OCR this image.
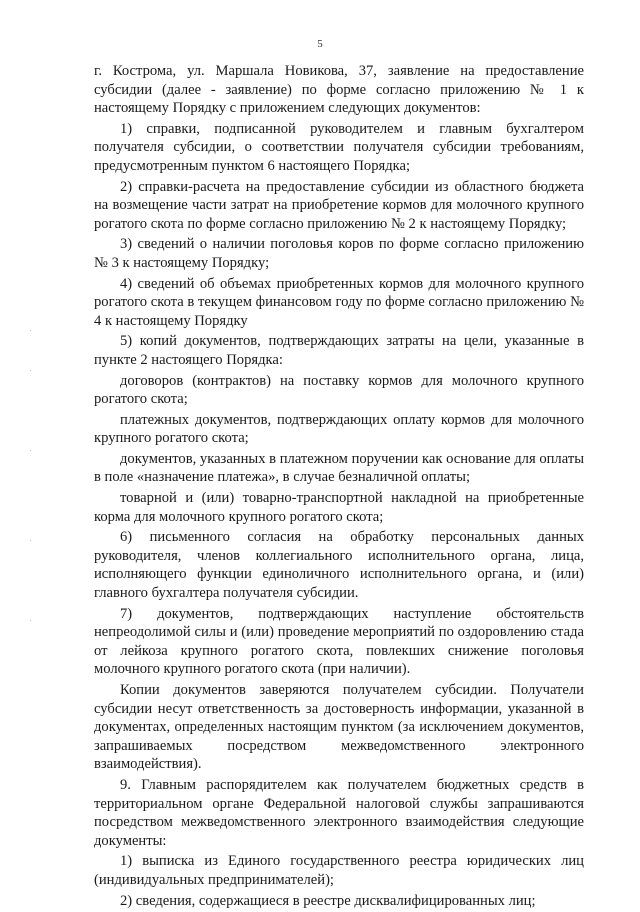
5

г. Кострома, ул. Маршала Новикова, 37, заявление на предоставление субсидии (далее - заявление) по форме согласно приложению № 1 к настоящему Порядку с приложением следующих документов:

1) справки, подписанной руководителем и главным бухгалтером получателя субсидии, о соответствии получателя субсидии требованиям, предусмотренным пунктом 6 настоящего Порядка;

2) справки-расчета на предоставление субсидии из областного бюджета на возмещение части затрат на приобретение кормов для молочного крупного рогатого скота по форме согласно приложению № 2 к настоящему Порядку;

3) сведений о наличии поголовья коров по форме согласно приложению № 3 к настоящему Порядку;

4) сведений об объемах приобретенных кормов для молочного крупного рогатого скота в текущем финансовом году по форме согласно приложению № 4 к настоящему Порядку

5) копий документов, подтверждающих затраты на цели, указанные в пункте 2 настоящего Порядка:

договоров (контрактов) на поставку кормов для молочного крупного рогатого скота;

платежных документов, подтверждающих оплату кормов для молочного крупного рогатого скота;

документов, указанных в платежном поручении как основание для оплаты в поле «назначение платежа», в случае безналичной оплаты;

товарной и (или) товарно-транспортной накладной на приобретенные корма для молочного крупного рогатого скота;

6) письменного согласия на обработку персональных данных руководителя, членов коллегиального исполнительного органа, лица, исполняющего функции единоличного исполнительного органа, и (или) главного бухгалтера получателя субсидии.

7) документов, подтверждающих наступление обстоятельств непреодолимой силы и (или) проведение мероприятий по оздоровлению стада от лейкоза крупного рогатого скота, повлекших снижение поголовья молочного крупного рогатого скота (при наличии).

Копии документов заверяются получателем субсидии. Получатели субсидии несут ответственность за достоверность информации, указанной в документах, определенных настоящим пунктом (за исключением документов, запрашиваемых посредством межведомственного электронного взаимодействия).

9. Главным распорядителем как получателем бюджетных средств в территориальном органе Федеральной налоговой службы запрашиваются посредством межведомственного электронного взаимодействия следующие документы:

1) выписка из Единого государственного реестра юридических лиц (индивидуальных предпринимателей);

2) сведения, содержащиеся в реестре дисквалифицированных лиц;
